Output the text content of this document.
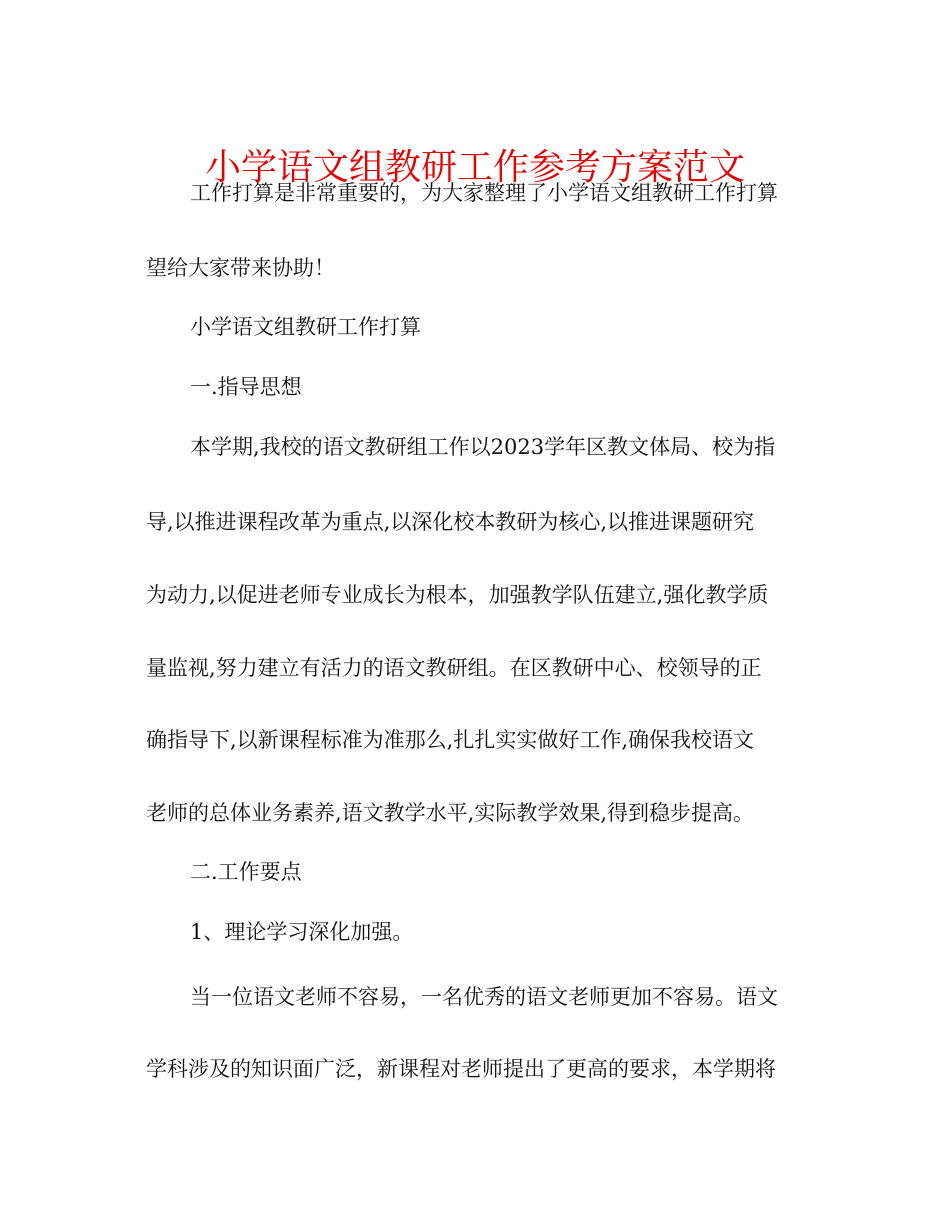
小学语文组教研工作参考方案范文
工作打算是非常重要的，为大家整理了小学语文组教研工作打算
望给大家带来协助！
小学语文组教研工作打算
一.指导思想
本学期,我校的语文教研组工作以2023学年区教文体局、校为指
导,以推进课程改革为重点,以深化校本教研为核心,以推进课题研究
为动力,以促进老师专业成长为根本，加强教学队伍建立,强化教学质
量监视,努力建立有活力的语文教研组。在区教研中心、校领导的正
确指导下,以新课程标准为准那么,扎扎实实做好工作,确保我校语文
老师的总体业务素养,语文教学水平,实际教学效果,得到稳步提高。
二.工作要点
1、理论学习深化加强。
当一位语文老师不容易，一名优秀的语文老师更加不容易。语文
学科涉及的知识面广泛，新课程对老师提出了更高的要求，本学期将
